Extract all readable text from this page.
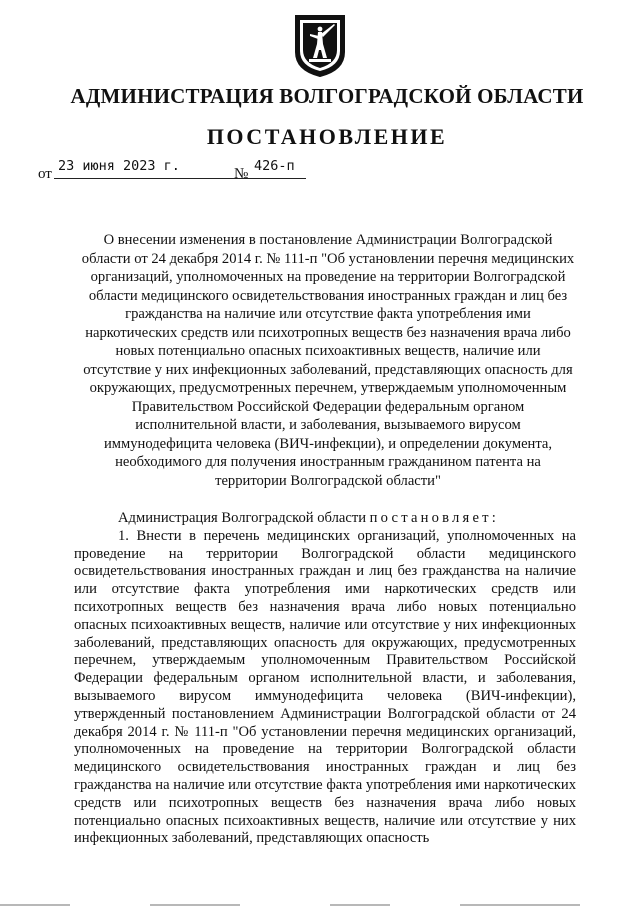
АДМИНИСТРАЦИЯ ВОЛГОГРАДСКОЙ ОБЛАСТИ
ПОСТАНОВЛЕНИЕ
от 23 июня 2023 г.	№ 426-п
О внесении изменения в постановление Администрации Волгоградской области от 24 декабря 2014 г. № 111-п "Об установлении перечня медицинских организаций, уполномоченных на проведение на территории Волгоградской области медицинского освидетельствования иностранных граждан и лиц без гражданства на наличие или отсутствие факта употребления ими наркотических средств или психотропных веществ без назначения врача либо новых потенциально опасных психоактивных веществ, наличие или отсутствие у них инфекционных заболеваний, представляющих опасность для окружающих, предусмотренных перечнем, утверждаемым уполномоченным Правительством Российской Федерации федеральным органом исполнительной власти, и заболевания, вызываемого вирусом иммунодефицита человека (ВИЧ-инфекции), и определении документа, необходимого для получения иностранным гражданином патента на территории Волгоградской области"
Администрация Волгоградской области постановляет:
1. Внести в перечень медицинских организаций, уполномоченных на проведение на территории Волгоградской области медицинского освидетельствования иностранных граждан и лиц без гражданства на наличие или отсутствие факта употребления ими наркотических средств или психотропных веществ без назначения врача либо новых потенциально опасных психоактивных веществ, наличие или отсутствие у них инфекционных заболеваний, представляющих опасность для окружающих, предусмотренных перечнем, утверждаемым уполномоченным Правительством Российской Федерации федеральным органом исполнительной власти, и заболевания, вызываемого вирусом иммунодефицита человека (ВИЧ-инфекции), утвержденный постановлением Администрации Волгоградской области от 24 декабря 2014 г. № 111-п "Об установлении перечня медицинских организаций, уполномоченных на проведение на территории Волгоградской области медицинского освидетельствования иностранных граждан и лиц без гражданства на наличие или отсутствие факта употребления ими наркотических средств или психотропных веществ без назначения врача либо новых потенциально опасных психоактивных веществ, наличие или отсутствие у них инфекционных заболеваний, представляющих опасность
